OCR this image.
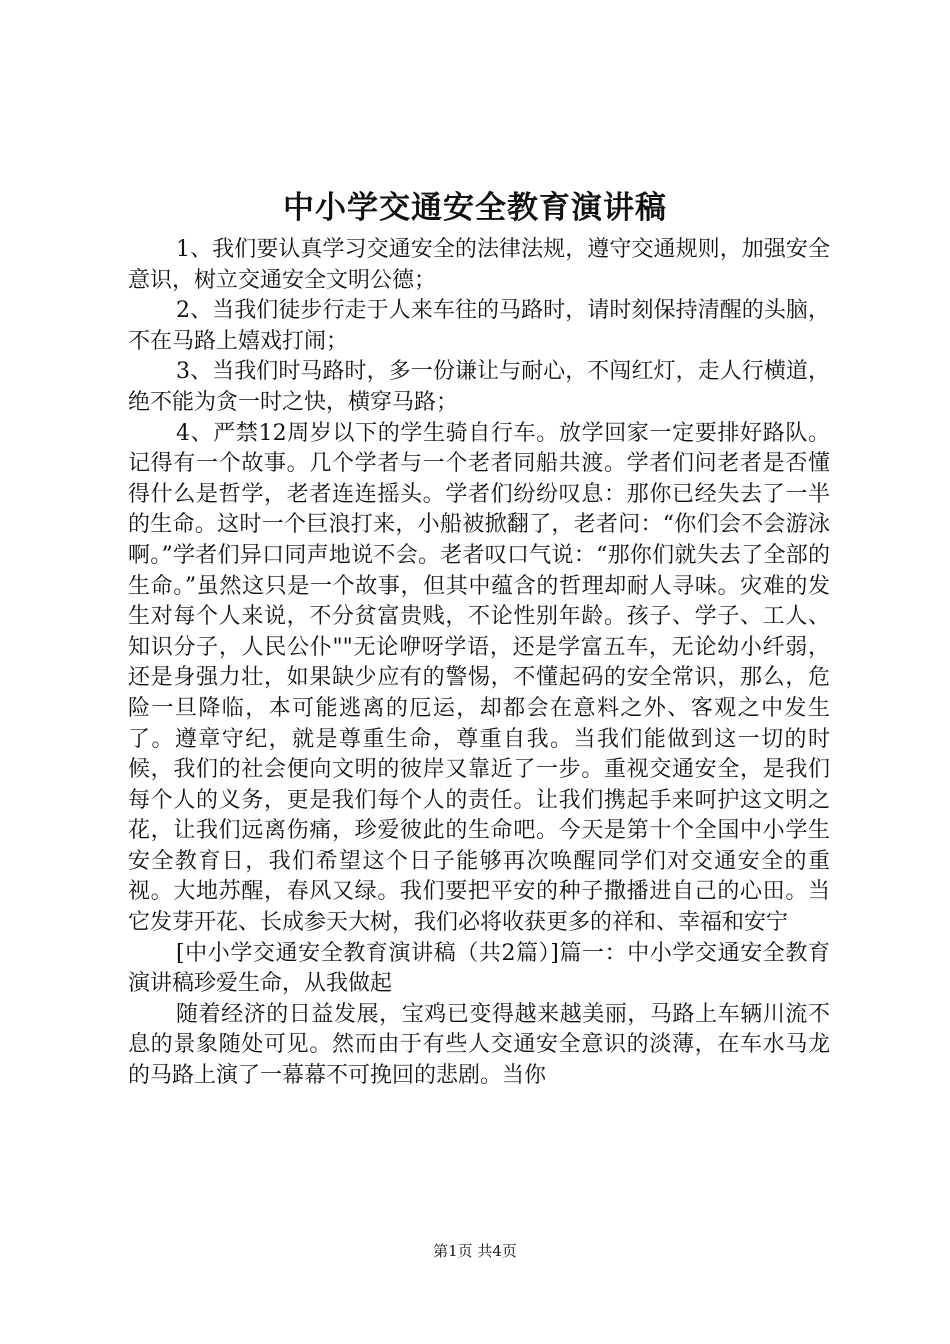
中小学交通安全教育演讲稿

1、我们要认真学习交通安全的法律法规，遵守交通规则，加强安全意识，树立交通安全文明公德；

2、当我们徒步行走于人来车往的马路时，请时刻保持清醒的头脑，不在马路上嬉戏打闹；

3、当我们时马路时，多一份谦让与耐心，不闯红灯，走人行横道，绝不能为贪一时之快，横穿马路；

4、严禁12周岁以下的学生骑自行车。放学回家一定要排好路队。记得有一个故事。几个学者与一个老者同船共渡。学者们问老者是否懂得什么是哲学，老者连连摇头。学者们纷纷叹息：那你已经失去了一半的生命。这时一个巨浪打来，小船被掀翻了，老者问：“你们会不会游泳啊。”学者们异口同声地说不会。老者叹口气说：“那你们就失去了全部的生命。”虽然这只是一个故事，但其中蕴含的哲理却耐人寻味。灾难的发生对每个人来说，不分贫富贵贱，不论性别年龄。孩子、学子、工人、知识分子，人民公仆""无论咿呀学语，还是学富五车，无论幼小纤弱，还是身强力壮，如果缺少应有的警惕，不懂起码的安全常识，那么，危险一旦降临，本可能逃离的厄运，却都会在意料之外、客观之中发生了。遵章守纪，就是尊重生命，尊重自我。当我们能做到这一切的时候，我们的社会便向文明的彼岸又靠近了一步。重视交通安全，是我们每个人的义务，更是我们每个人的责任。让我们携起手来呵护这文明之花，让我们远离伤痛，珍爱彼此的生命吧。今天是第十个全国中小学生安全教育日，我们希望这个日子能够再次唤醒同学们对交通安全的重视。大地苏醒，春风又绿。我们要把平安的种子撒播进自己的心田。当它发芽开花、长成参天大树，我们必将收获更多的祥和、幸福和安宁

[中小学交通安全教育演讲稿（共2篇）]篇一：中小学交通安全教育演讲稿珍爱生命，从我做起

随着经济的日益发展，宝鸡已变得越来越美丽，马路上车辆川流不息的景象随处可见。然而由于有些人交通安全意识的淡薄，在车水马龙的马路上演了一幕幕不可挽回的悲剧。当你

第1页 共4页
